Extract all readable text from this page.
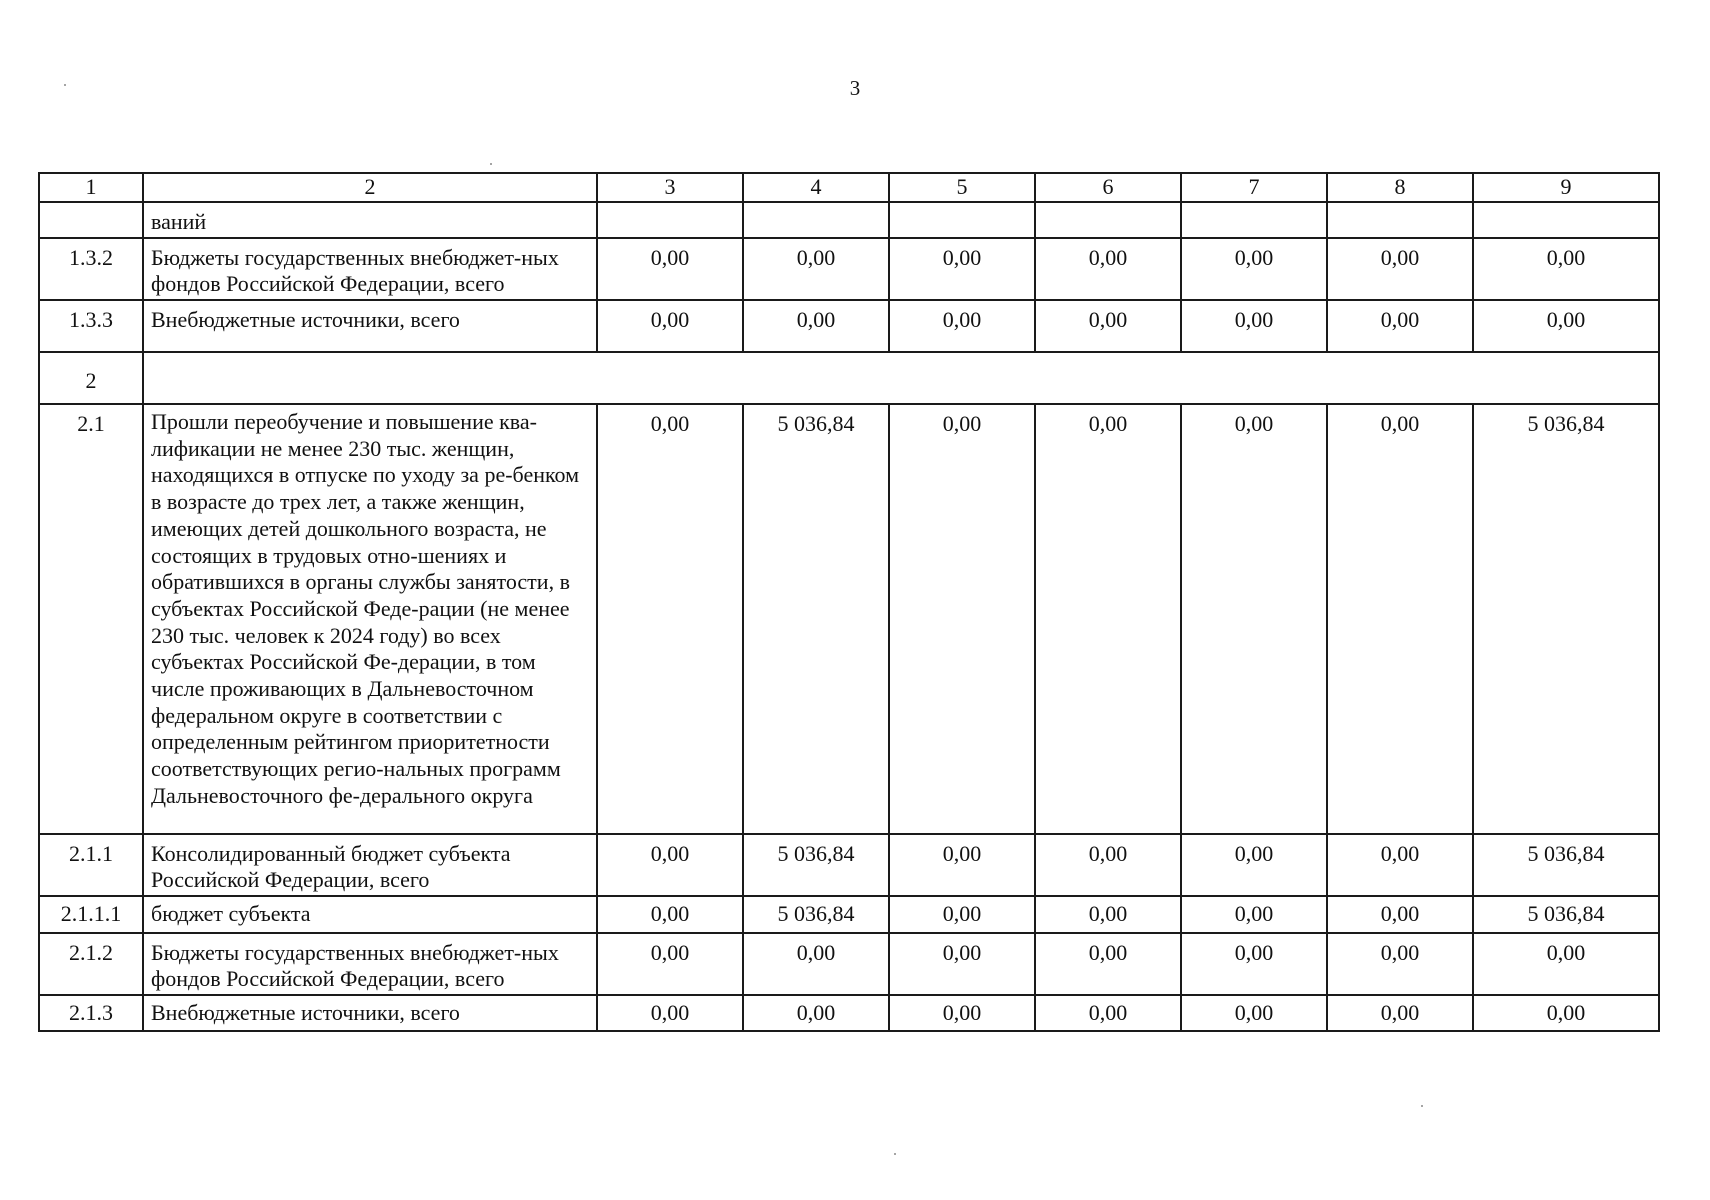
3
1	2	3	4	5	6	7	8	9
	ваний							
1.3.2	Бюджеты государственных внебюджет-ных фондов Российской Федерации, всего	0,00	0,00	0,00	0,00	0,00	0,00	0,00
1.3.3	Внебюджетные источники, всего	0,00	0,00	0,00	0,00	0,00	0,00	0,00
2								
2.1	Прошли переобучение и повышение ква-лификации не менее 230 тыс. женщин, находящихся в отпуске по уходу за ре-бенком в возрасте до трех лет, а также женщин, имеющих детей дошкольного возраста, не состоящих в трудовых отно-шениях и обратившихся в органы службы занятости, в субъектах Российской Феде-рации (не менее 230 тыс. человек к 2024 году) во всех субъектах Российской Фе-дерации, в том числе проживающих в Дальневосточном федеральном округе в соответствии с определенным рейтингом приоритетности соответствующих регио-нальных программ Дальневосточного фе-дерального округа	0,00	5 036,84	0,00	0,00	0,00	0,00	5 036,84
2.1.1	Консолидированный бюджет субъекта Российской Федерации, всего	0,00	5 036,84	0,00	0,00	0,00	0,00	5 036,84
2.1.1.1	бюджет субъекта	0,00	5 036,84	0,00	0,00	0,00	0,00	5 036,84
2.1.2	Бюджеты государственных внебюджет-ных фондов Российской Федерации, всего	0,00	0,00	0,00	0,00	0,00	0,00	0,00
2.1.3	Внебюджетные источники, всего	0,00	0,00	0,00	0,00	0,00	0,00	0,00
